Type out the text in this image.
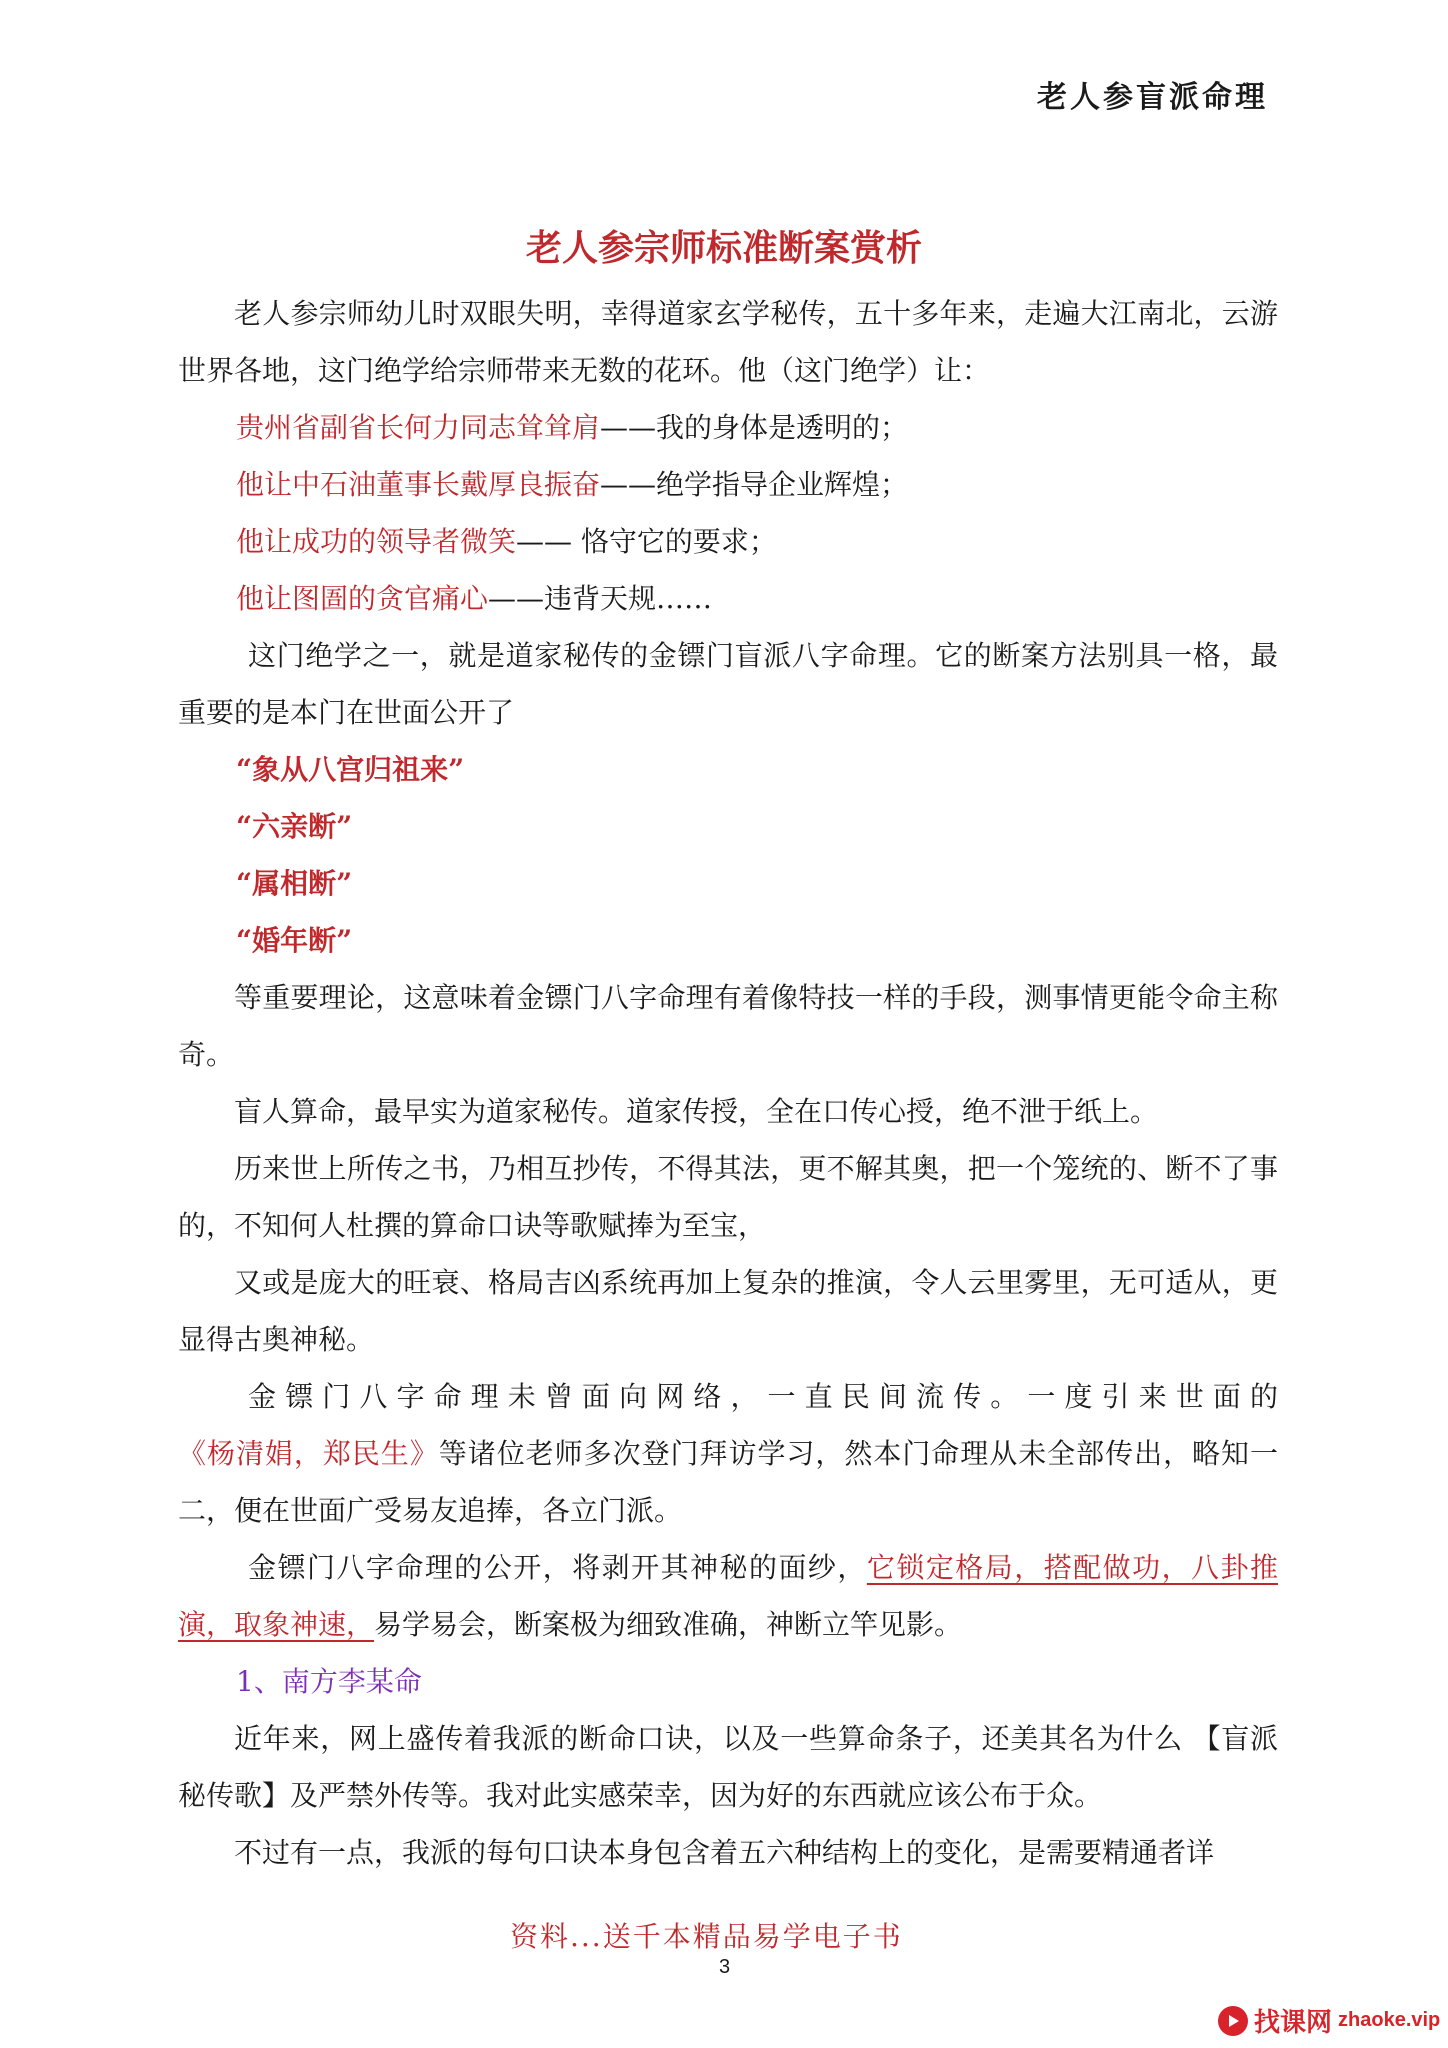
老人参盲派命理
老人参宗师标准断案赏析

老人参宗师幼儿时双眼失明，幸得道家玄学秘传，五十多年来，走遍大江南北，云游世界各地，这门绝学给宗师带来无数的花环。他（这门绝学）让：

贵州省副省长何力同志耸耸肩——我的身体是透明的；

他让中石油董事长戴厚良振奋——绝学指导企业辉煌；

他让成功的领导者微笑—— 恪守它的要求；

他让图圄的贪官痛心——违背天规……

这门绝学之一，就是道家秘传的金镖门盲派八字命理。它的断案方法别具一格，最重要的是本门在世面公开了

“象从八宫归祖来”

“六亲断”

“属相断”

“婚年断”

等重要理论，这意味着金镖门八字命理有着像特技一样的手段，测事情更能令命主称奇。

盲人算命，最早实为道家秘传。道家传授，全在口传心授，绝不泄于纸上。

历来世上所传之书，乃相互抄传，不得其法，更不解其奥，把一个笼统的、断不了事的，不知何人杜撰的算命口诀等歌赋捧为至宝，

又或是庞大的旺衰、格局吉凶系统再加上复杂的推演，令人云里雾里，无可适从，更显得古奥神秘。

金镖门八字命理未曾面向网络，一直民间流传。一度引来世面的《杨清娟，郑民生》等诸位老师多次登门拜访学习，然本门命理从未全部传出，略知一二，便在世面广受易友追捧，各立门派。

金镖门八字命理的公开，将剥开其神秘的面纱，它锁定格局，搭配做功，八卦推演，取象神速，易学易会，断案极为细致准确，神断立竿见影。

1、南方李某命

近年来，网上盛传着我派的断命口诀，以及一些算命条子，还美其名为什么 【盲派秘传歌】及严禁外传等。我对此实感荣幸，因为好的东西就应该公布于众。

不过有一点，我派的每句口诀本身包含着五六种结构上的变化，是需要精通者详

资料...送千本精品易学电子书
3
找课网 zhaoke.vip
